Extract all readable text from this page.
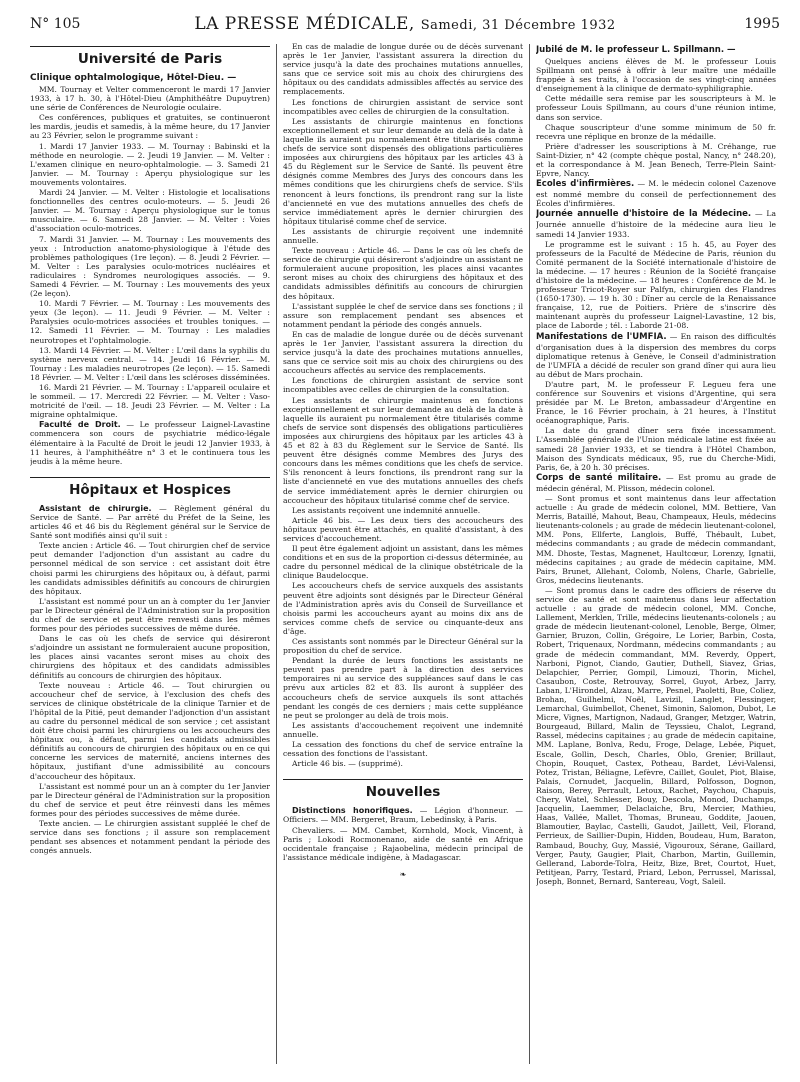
N° 105	LA PRESSE MÉDICALE, Samedi, 31 Décembre 1932	1995
Université de Paris

Clinique ophtalmologique, Hôtel-Dieu. —

MM. Tournay et Velter commenceront le mardi 17 Janvier 1933, à 17 h. 30, à l'Hôtel-Dieu (Amphithéâtre Dupuytren) une série de Conférences de Neurologie oculaire.

Ces conférences, publiques et gratuites, se continueront les mardis, jeudis et samedis, à la même heure, du 17 Janvier au 23 Février, selon le programme suivant :

1. Mardi 17 Janvier 1933. — M. Tournay : Babinski et la méthode en neurologie. — 2. Jeudi 19 Janvier. — M. Velter : L'examen clinique en neuro-ophtalmologie. — 3. Samedi 21 Janvier. — M. Tournay : Aperçu physiologique sur les mouvements volontaires.

Mardi 24 Janvier. — M. Velter : Histologie et localisations fonctionnelles des centres oculo-moteurs. — 5. Jeudi 26 Janvier. — M. Tournay : Aperçu physiologique sur le tonus musculaire. — 6. Samedi 28 Janvier. — M. Velter : Voies d'association oculo-motrices.

7. Mardi 31 Janvier. — M. Tournay : Les mouvements des yeux : Introduction anatomo-physiologique à l'étude des problèmes pathologiques (1re leçon). — 8. Jeudi 2 Février. — M. Velter : Les paralysies oculo-motrices nucléaires et radiculaires : Syndromes neurologiques associés. — 9. Samedi 4 Février. — M. Tournay : Les mouvements des yeux (2e leçon).

10. Mardi 7 Février. — M. Tournay : Les mouvements des yeux (3e leçon). — 11. Jeudi 9 Février. — M. Velter : Paralysies oculo-motrices associées et troubles toniques. — 12. Samedi 11 Février. — M. Tournay : Les maladies neurotropes et l'ophtalmologie.

13. Mardi 14 Février. — M. Velter : L'œil dans la syphilis du système nerveux central. — 14. Jeudi 16 Février. — M. Tournay : Les maladies neurotropes (2e leçon). — 15. Samedi 18 Février. — M. Velter : L'œil dans les scléroses disséminées.

16. Mardi 21 Février. — M. Tournay : L'appareil oculaire et le sommeil. — 17. Mercredi 22 Février. — M. Velter : Vaso-motricité de l'œil. — 18. Jeudi 23 Février. — M. Velter : La migraine ophtalmique.

Faculté de Droit. — Le professeur Laignel-Lavastine commencera son cours de psychiatrie médico-légale élémentaire à la Faculté de Droit le jeudi 12 Janvier 1933, à 11 heures, à l'amphithéâtre n° 3 et le continuera tous les jeudis à la même heure.

Hôpitaux et Hospices

Assistant de chirurgie. — Règlement général du Service de Santé. — Par arrêté du Préfet de la Seine, les articles 46 et 46 bis du Règlement général sur le Service de Santé sont modifiés ainsi qu'il suit :

Texte ancien : Article 46. — Tout chirurgien chef de service peut demander l'adjonction d'un assistant au cadre du personnel médical de son service : cet assistant doit être choisi parmi les chirurgiens des hôpitaux ou, à défaut, parmi les candidats admissibles définitifs au concours de chirurgien des hôpitaux.

L'assistant est nommé pour un an à compter du 1er Janvier par le Directeur général de l'Administration sur la proposition du chef de service et peut être renvesti dans les mêmes formes pour des périodes successives de même durée.

Dans le cas où les chefs de service qui désireront s'adjoindre un assistant ne formuleraient aucune proposition, les places ainsi vacantes seront mises au choix des chirurgiens des hôpitaux et des candidats admissibles définitifs au concours de chirurgien des hôpitaux.

Texte nouveau : Article 46. — Tout chirurgien ou accoucheur chef de service, à l'exclusion des chefs des services de clinique obstétricale de la clinique Tarnier et de l'hôpital de la Pitié, peut demander l'adjonction d'un assistant au cadre du personnel médical de son service ; cet assistant doit être choisi parmi les chirurgiens ou les accoucheurs des hôpitaux ou, à défaut, parmi les candidats admissibles définitifs au concours de chirurgien des hôpitaux ou en ce qui concerne les services de maternité, anciens internes des hôpitaux, justifiant d'une admissibilité au concours d'accoucheur des hôpitaux.

L'assistant est nommé pour un an à compter du 1er Janvier par le Directeur général de l'Administration sur la proposition du chef de service et peut être réinvesti dans les mêmes formes pour des périodes successives de même durée.

Texte ancien. — Le chirurgien assistant suppléé le chef de service dans ses fonctions ; il assure son remplacement pendant ses absences et notamment pendant la période des congés annuels.

En cas de maladie de longue durée ou de décès survenant après le 1er Janvier, l'assistant assurera la direction du service jusqu'à la date des prochaines mutations annuelles, sans que ce service soit mis au choix des chirurgiens des hôpitaux ou des candidats admissibles affectés au service des remplacements.

Les fonctions de chirurgien assistant de service sont incompatibles avec celles de chirurgien de la consultation.

Les assistants de chirurgie maintenus en fonctions exceptionnellement et sur leur demande au delà de la date à laquelle ils auraient pu normalement être titularisés comme chefs de service sont dispensés des obligations particulières imposées aux chirurgiens des hôpitaux par les articles 43 à 45 du Règlement sur le Service de Santé. Ils peuvent être désignés comme Membres des Jurys des concours dans les mêmes conditions que les chirurgiens chefs de service. S'ils renoncent à leurs fonctions, ils prendront rang sur la liste d'ancienneté en vue des mutations annuelles des chefs de service immédiatement après le dernier chirurgien des hôpitaux titularisé comme chef de service.

Les assistants de chirurgie reçoivent une indemnité annuelle.

Texte nouveau : Article 46. — Dans le cas où les chefs de service de chirurgie qui désireront s'adjoindre un assistant ne formuleraient aucune proposition, les places ainsi vacantes seront mises au choix des chirurgiens des hôpitaux et des candidats admissibles définitifs au concours de chirurgien des hôpitaux.

L'assistant supplée le chef de service dans ses fonctions ; il assure son remplacement pendant ses absences et notamment pendant la période des congés annuels.

En cas de maladie de longue durée ou de décès survenant après le 1er Janvier, l'assistant assurera la direction du service jusqu'à la date des prochaines mutations annuelles, sans que ce service soit mis au choix des chirurgiens ou des accoucheurs affectés au service des remplacements.

Les fonctions de chirurgien assistant de service sont incompatibles avec celles de chirurgien de la consultation.

Les assistants de chirurgie maintenus en fonctions exceptionnellement et sur leur demande au delà de la date à laquelle ils auraient pu normalement être titularisés comme chefs de service sont dispensés des obligations particulières imposées aux chirurgiens des hôpitaux par les articles 43 à 45 et 82 à 83 du Règlement sur le Service de Santé. Ils peuvent être désignés comme Membres des Jurys des concours dans les mêmes conditions que les chefs de service. S'ils renoncent à leurs fonctions, ils prendront rang sur la liste d'ancienneté en vue des mutations annuelles des chefs de service immédiatement après le dernier chirurgien ou accoucheur des hôpitaux titularisé comme chef de service.

Les assistants reçoivent une indemnité annuelle.

Article 46 bis. — Les deux tiers des accoucheurs des hôpitaux peuvent être attachés, en qualité d'assistant, à des services d'accouchement.

Il peut être également adjoint un assistant, dans les mêmes conditions et en sus de la proportion ci-dessus déterminée, au cadre du personnel médical de la clinique obstétricale de la clinique Baudelocque.

Les accoucheurs chefs de service auxquels des assistants peuvent être adjoints sont désignés par le Directeur Général de l'Administration après avis du Conseil de Surveillance et choisis parmi les accoucheurs ayant au moins dix ans de services comme chefs de service ou cinquante-deux ans d'âge.

Ces assistants sont nommés par le Directeur Général sur la proposition du chef de service.

Pendant la durée de leurs fonctions les assistants ne peuvent pas prendre part à la direction des services temporaires ni au service des suppléances sauf dans le cas prévu aux articles 82 et 83. Ils auront à suppléer des accoucheurs chefs de service auxquels ils sont attachés pendant les congés de ces derniers ; mais cette suppléance ne peut se prolonger au delà de trois mois.

Les assistants d'accouchement reçoivent une indemnité annuelle.

La cessation des fonctions du chef de service entraîne la cessation des fonctions de l'assistant.

Article 46 bis. — (supprimé).

Nouvelles

Distinctions honorifiques. — Légion d'honneur. — Officiers. — MM. Bergeret, Braum, Lebedinsky, à Paris.

Chevaliers. — MM. Cambet, Kornhold, Mock, Vincent, à Paris ; Lokodi Rocmonenano, aide de santé en Afrique occidentale française ; Rajaobelina, médecin principal de l'assistance médicale indigène, à Madagascar.

❧

Jubilé de M. le professeur L. Spillmann. —

Quelques anciens élèves de M. le professeur Louis Spillmann ont pensé à offrir à leur maître une médaille frappée à ses traits, à l'occasion de ses vingt-cinq années d'enseignement à la clinique de dermato-syphiligraphie.

Cette médaille sera remise par les souscripteurs à M. le professeur Louis Spillmann, au cours d'une réunion intime, dans son service.

Chaque souscripteur d'une somme minimum de 50 fr. recevra une réplique en bronze de la médaille.

Prière d'adresser les souscriptions à M. Créhange, rue Saint-Dizier, n° 42 (compte chèque postal, Nancy, n° 248.20), et la correspondance à M. Jean Benech, Terre-Plein Saint-Epvre, Nancy.

Ecoles d'infirmières. — M. le médecin colonel Cazenove est nommé membre du conseil de perfectionnement des Écoles d'infirmières.

Journée annuelle d'histoire de la Médecine. — La Journée annuelle d'histoire de la médecine aura lieu le samedi 14 Janvier 1933.

Le programme est le suivant : 15 h. 45, au Foyer des professeurs de la Faculté de Médecine de Paris, réunion du Comité permanent de la Société internationale d'histoire de la médecine. — 17 heures : Réunion de la Société française d'histoire de la médecine. — 18 heures : Conférence de M. le professeur Tricot-Royer sur Palfyn, chirurgien des Flandres (1650-1730). — 19 h. 30 : Dîner au cercle de la Renaissance française, 12, rue de Poitiers. Prière de s'inscrire dès maintenant auprès du professeur Laignel-Lavastine, 12 bis, place de Laborde ; tél. : Laborde 21-08.

Manifestations de l'UMFIA. — En raison des difficultés d'organisation dues à la dispersion des membres du corps diplomatique retenus à Genève, le Conseil d'administration de l'UMFIA a décidé de reculer son grand dîner qui aura lieu au début de Mars prochain.

D'autre part, M. le professeur F. Legueu fera une conférence sur Souvenirs et visions d'Argentine, qui sera présidée par M. Le Breton, ambassadeur d'Argentine en France, le 16 Février prochain, à 21 heures, à l'Institut océanographique, Paris.

La date du grand dîner sera fixée incessamment. L'Assemblée générale de l'Union médicale latine est fixée au samedi 28 Janvier 1933, et se tiendra à l'Hôtel Chambon, Maison des Syndicats médicaux, 95, rue du Cherche-Midi, Paris, 6e, à 20 h. 30 précises.

Corps de santé militaire. — Est promu au grade de médecin général, M. Plisson, médecin colonel.

— Sont promus et sont maintenus dans leur affectation actuelle : Au grade de médecin colonel, MM. Bettiere, Van Merris, Bataillé, Mahout, Beau, Champeaux, Heuls, médecins lieutenants-colonels ; au grade de médecin lieutenant-colonel, MM. Pons, Ellferte, Langlois, Buffé, Thébault, Lubet, médecins commandants ; au grade de médecin commandant, MM. Dhoste, Testas, Magnenet, Haultcœur, Lorenzy, Ignatii, médecins capitaines ; au grade de médecin capitaine, MM. Pairs, Brunet, Allehant, Colomb, Nolens, Charle, Gabrielle, Gros, médecins lieutenants.

— Sont promus dans le cadre des officiers de réserve du service de santé et sont maintenus dans leur affectation actuelle : au grade de médecin colonel, MM. Conche, Lallement, Merklen, Trille, médecins lieutenants-colonels ; au grade de médecin lieutenant-colonel, Lenoble, Berge, Olmer, Garnier, Bruzon, Collin, Grégoire, Le Lorier, Barbin, Costa, Robert, Triquenaux, Nordmann, médecins commandants ; au grade de médecin commandant, MM. Reverdy, Oppert, Narboni, Pignot, Ciando, Gautier, Duthell, Siavez, Grias, Delapchier, Perrier, Gompil, Limouzi, Thorin, Michel, Casaubon, Coste, Retrouvay, Sorrel, Guyot, Arbez, Jarry, Laban, L'Hirondel, Alzau, Marre, Pesnel, Paoletti, Bue, Coliez, Brohan, Guilhelmi, Noël, Lavizil, Langlet, Flessinger, Lemarchal, Guimbellot, Chenet, Simonin, Salomon, Dubot, Le Micre, Vignes, Martignon, Nadaud, Granger, Metzger, Watrin, Bourgeaud, Billard, Malin de Teyssieu, Chalot, Legrand, Rassel, médecins capitaines ; au grade de médecin capitaine, MM. Laplane, Bonlva, Redu, Froge, Delage, Lebée, Piquet, Escale, Gollin, Desch, Charles, Oblo, Grenier, Brillaut, Chopin, Rouquet, Castex, Potheau, Bardet, Lévi-Valensi, Potez, Tristan, Béliagne, Lefèvre, Caillet, Goulet, Piot, Blaise, Palais, Cornudet, Jacquelin, Billard, Polfosson, Dognon, Raison, Berey, Perrault, Letoux, Rachet, Paychou, Chapuis, Chery, Watel, Schlesser, Bouy, Descola, Monod, Duchamps, Jacquelin, Laemmer, Delaclaiche, Bru, Mercier, Mathieu, Haas, Vallée, Mallet, Thomas, Bruneau, Goddite, Jaouen, Blamoutier, Baylac, Castelli, Gaudot, Jaillett, Veil, Florand, Ferrieux, de Saillier-Dupin, Hidden, Boudeau, Hum, Baraton, Rambaud, Bouchy, Guy, Massié, Vigouroux, Sérane, Gaillard, Verger, Pauty, Gaugier, Plait, Charbon, Martin, Guillemin, Gellerand, Laborde-Tolra, Heitz, Bize, Bret, Courtot, Huet, Petitjean, Parry, Testard, Priard, Lebon, Perrussel, Marissal, Joseph, Bonnet, Bernard, Santereau, Vogt, Saleil.
